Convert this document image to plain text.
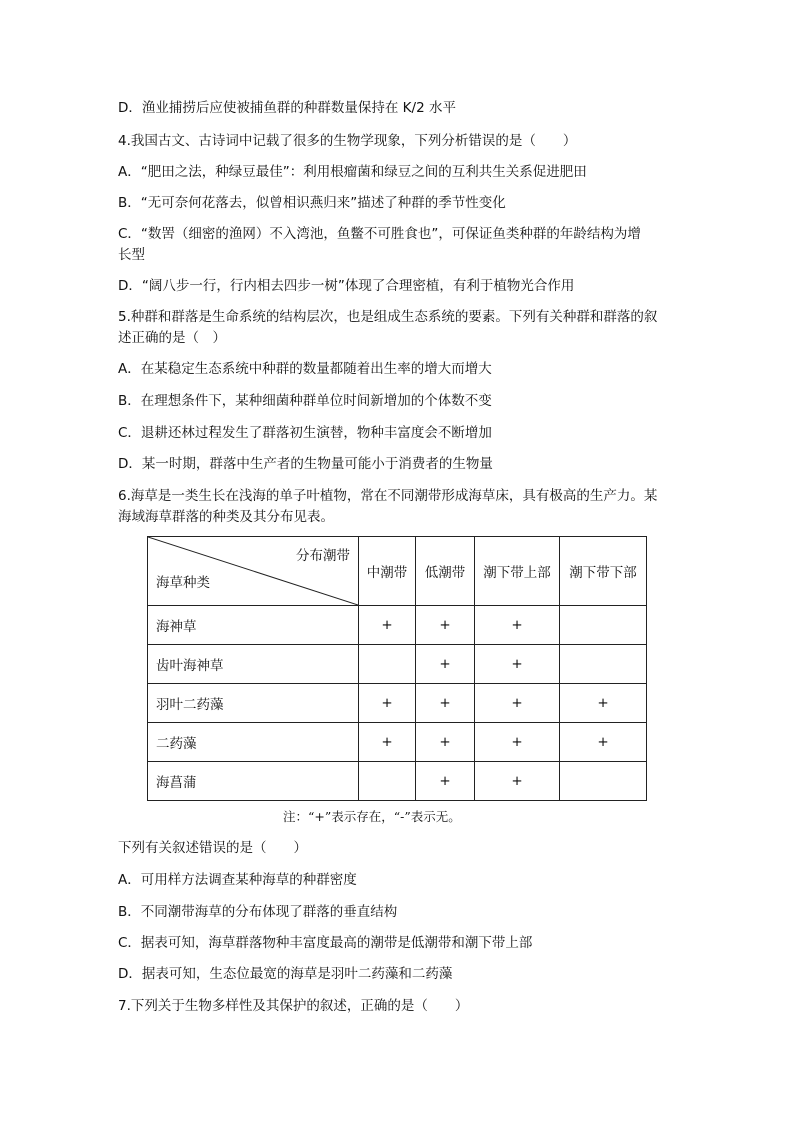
D．渔业捕捞后应使被捕鱼群的种群数量保持在 K/2 水平
4.我国古文、古诗词中记载了很多的生物学现象，下列分析错误的是（　　）
A．“肥田之法，种绿豆最佳”：利用根瘤菌和绿豆之间的互利共生关系促进肥田
B．“无可奈何花落去，似曾相识燕归来”描述了种群的季节性变化
C．“数罟（细密的渔网）不入湾池，鱼鳖不可胜食也”，可保证鱼类种群的年龄结构为增
长型
D．“阔八步一行，行内相去四步一树”体现了合理密植，有利于植物光合作用
5.种群和群落是生命系统的结构层次，也是组成生态系统的要素。下列有关种群和群落的叙
述正确的是（　）
A．在某稳定生态系统中种群的数量都随着出生率的增大而增大
B．在理想条件下，某种细菌种群单位时间新增加的个体数不变
C．退耕还林过程发生了群落初生演替，物种丰富度会不断增加
D．某一时期，群落中生产者的生物量可能小于消费者的生物量
6.海草是一类生长在浅海的单子叶植物，常在不同潮带形成海草床，具有极高的生产力。某
海域海草群落的种类及其分布见表。
分布潮带
海草种类	中潮带	低潮带	潮下带上部	潮下带下部
海神草	+	+	+	
齿叶海神草		+	+	
羽叶二药藻	+	+	+	+
二药藻	+	+	+	+
海菖蒲		+	+	
注：“+”表示存在，“-”表示无。
下列有关叙述错误的是（　　）
A．可用样方法调查某种海草的种群密度
B．不同潮带海草的分布体现了群落的垂直结构
C．据表可知，海草群落物种丰富度最高的潮带是低潮带和潮下带上部
D．据表可知，生态位最宽的海草是羽叶二药藻和二药藻
7.下列关于生物多样性及其保护的叙述，正确的是（　　）
